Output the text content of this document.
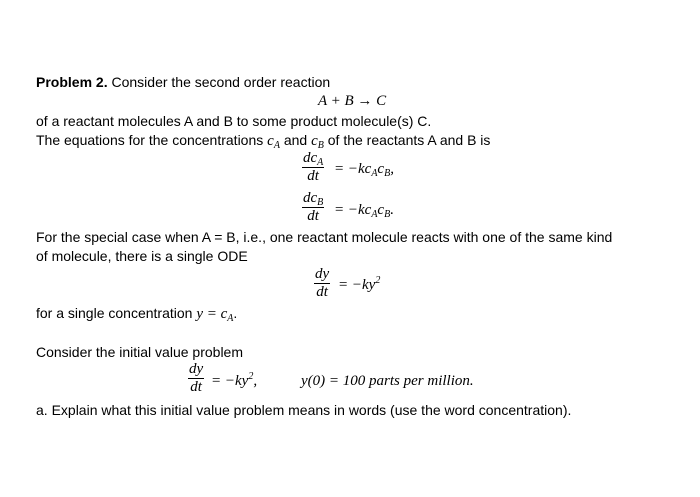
Problem 2. Consider the second order reaction
A + B → C
of a reactant molecules A and B to some product molecule(s) C.
The equations for the concentrations $c_A$ and $c_B$ of the reactants A and B is
$dc_A$
dt	= $-kc_Ac_B$,
$dc_B$
dt	= $-kc_Ac_B$.
For the special case when A = B, i.e., one reactant molecule reacts with one of the same kind
of molecule, there is a single ODE
dy
dt = $-ky^2$
for a single concentration $y = c_A$.
Consider the initial value problem
dy
dt = $-ky^2$,	y(0) = 100 parts per million.
a. Explain what this initial value problem means in words (use the word concentration).
